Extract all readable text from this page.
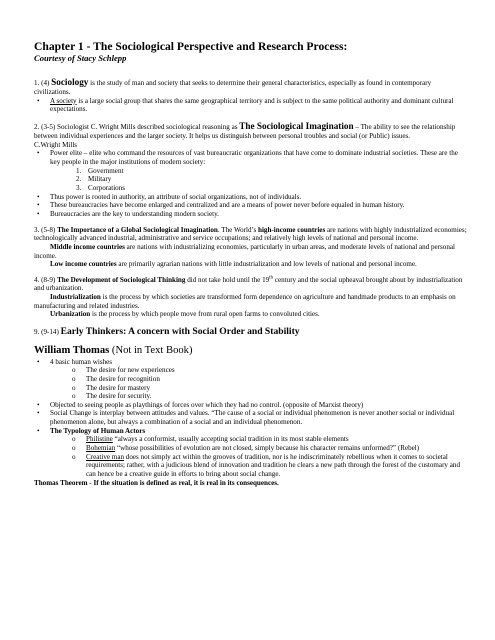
Chapter 1 - The Sociological Perspective and Research Process:

Courtesy of Stacy Schlepp

1. (4) Sociology is the study of man and society that seeks to determine their general characteristics, especially as found in contemporary civilizations.

• A society is a large social group that shares the same geographical territory and is subject to the same political authority and dominant cultural expectations.

2. (3-5) Sociologist C. Wright Mills described sociological reasoning as The Sociological Imagination – The ability to see the relationship between individual experiences and the larger society. It helps us distinguish between personal troubles and social (or Public) issues.

C.Wright Mills

• Power elite – elite who command the resources of vast bureaucratic organizations that have come to dominate industrial societies. These are the key people in the major institutions of modern society:
1. Government
2. Military
3. Corporations
• Thus power is rooted in authority, an attribute of social organizations, not of individuals.
• These bureaucracies have become enlarged and centralized and are a means of power never before equaled in human history.
• Bureaucracies are the key to understanding modern society.

3. (5-8) The Importance of a Global Sociological Imagination. The World’s high-income countries are nations with highly industrialized economies; technologically advanced industrial, administrative and service occupations; and relatively high levels of national and personal income.

Middle income countries are nations with industrializing economies, particularly in urban areas, and moderate levels of national and personal income.

Low income countries are primarily agrarian nations with little industrialization and low levels of national and personal income.

4. (8-9) The Development of Sociological Thinking did not take hold until the 19th century and the social upheaval brought about by industrialization and urbanization.

Industrialization is the process by which societies are transformed form dependence on agriculture and handmade products to an emphasis on manufacturing and related industries.

Urbanization is the process by which people move from rural open farms to convoluted cities.

9. (9-14) Early Thinkers: A concern with Social Order and Stability

William Thomas (Not in Text Book)

• 4 basic human wishes
o The desire for new experiences
o The desire for recognition
o The desire for mastery
o The desire for security.
• Objected to seeing people as playthings of forces over which they had no control. (opposite of Marxist theory)
• Social Change is interplay between attitudes and values. “The cause of a social or individual phenomenon is never another social or individual phenomenon alone, but always a combination of a social and an individual phenomenon.
• The Typology of Human Actors
o Philistine “always a conformist, usually accepting social tradition in its most stable elements
o Bohemian “whose possibilities of evolution are not closed, simply because his character remains unformed?” (Rebel)
o Creative man does not simply act within the grooves of tradition, nor is he indiscriminately rebellious when it comes to societal requirements; rather, with a judicious blend of innovation and tradition he clears a new path through the forest of the customary and can hence be a creative guide in efforts to bring about social change.

Thomas Theorem - If the situation is defined as real, it is real in its consequences.
